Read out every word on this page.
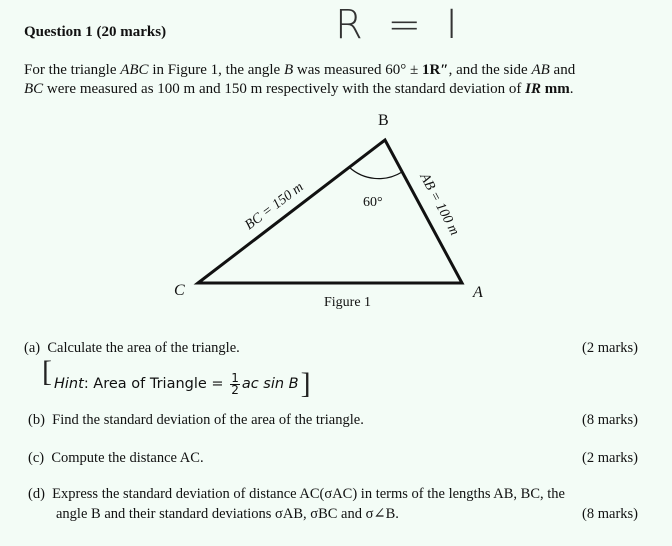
R = I
Question 1 (20 marks)
For the triangle ABC in Figure 1, the angle B was measured 60° ± 1R″, and the side AB and
BC were measured as 100 m and 150 m respectively with the standard deviation of IR mm.
B
C	A
60°
BC = 150 m	AB = 100 m
Figure 1
(a) Calculate the area of the triangle.	(2 marks)
[ Hint: Area of Triangle = $\frac{1}{2}$ ac sin B]
(b) Find the standard deviation of the area of the triangle.	(8 marks)
(c) Compute the distance AC.	(2 marks)
(d) Express the standard deviation of distance AC(σAC) in terms of the lengths AB, BC, the
angle B and their standard deviations σAB, σBC and σ∠B.	(8 marks)
